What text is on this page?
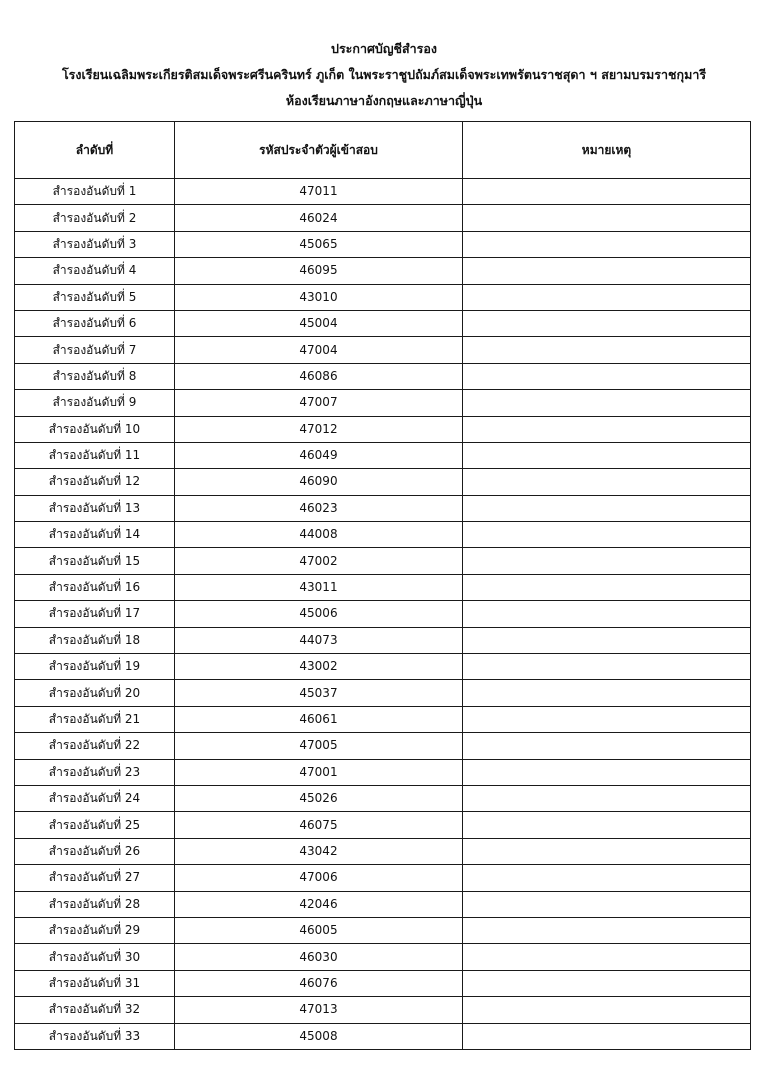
ประกาศบัญชีสำรอง
โรงเรียนเฉลิมพระเกียรติสมเด็จพระศรีนครินทร์ ภูเก็ต ในพระราชูปถัมภ์สมเด็จพระเทพรัตนราชสุดา ฯ สยามบรมราชกุมารี
ห้องเรียนภาษาอังกฤษและภาษาญี่ปุ่น
ลำดับที่	รหัสประจำตัวผู้เข้าสอบ	หมายเหตุ
สำรองอันดับที่ 1	47011	
สำรองอันดับที่ 2	46024	
สำรองอันดับที่ 3	45065	
สำรองอันดับที่ 4	46095	
สำรองอันดับที่ 5	43010	
สำรองอันดับที่ 6	45004	
สำรองอันดับที่ 7	47004	
สำรองอันดับที่ 8	46086	
สำรองอันดับที่ 9	47007	
สำรองอันดับที่ 10	47012	
สำรองอันดับที่ 11	46049	
สำรองอันดับที่ 12	46090	
สำรองอันดับที่ 13	46023	
สำรองอันดับที่ 14	44008	
สำรองอันดับที่ 15	47002	
สำรองอันดับที่ 16	43011	
สำรองอันดับที่ 17	45006	
สำรองอันดับที่ 18	44073	
สำรองอันดับที่ 19	43002	
สำรองอันดับที่ 20	45037	
สำรองอันดับที่ 21	46061	
สำรองอันดับที่ 22	47005	
สำรองอันดับที่ 23	47001	
สำรองอันดับที่ 24	45026	
สำรองอันดับที่ 25	46075	
สำรองอันดับที่ 26	43042	
สำรองอันดับที่ 27	47006	
สำรองอันดับที่ 28	42046	
สำรองอันดับที่ 29	46005	
สำรองอันดับที่ 30	46030	
สำรองอันดับที่ 31	46076	
สำรองอันดับที่ 32	47013	
สำรองอันดับที่ 33	45008	
